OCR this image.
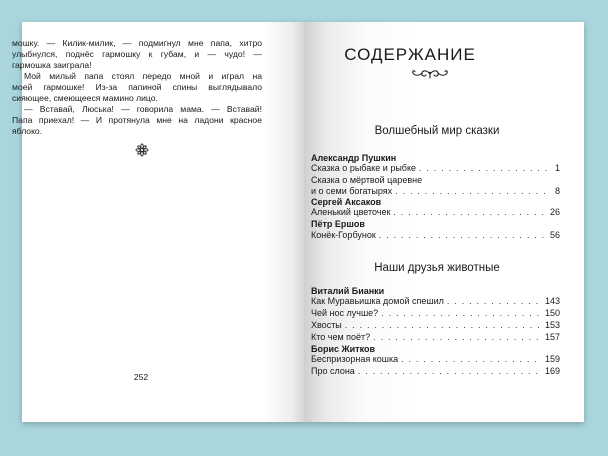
мошку. — Килик-милик, — подмигнул мне папа, хитро
улыбнулся, поднёс гармошку к губам, и — чудо! —
гармошка заиграла!

Мой милый папа стоял передо мной и играл на
моей гармошке! Из-за папиной спины выглядывало
сияющее, смеющееся мамино лицо.

— Вставай, Люська! — говорила мама. — Вставай!
Папа приехал! — И протянула мне на ладони красное
яблоко.

252
СОДЕРЖАНИЕ
Волшебный мир сказки
Александр Пушкин
Сказка о рыбаке и рыбке . . .	1
Сказка о мёртвой царевне
и о семи богатырях . . .	8
Сергей Аксаков
Аленький цветочек . . .	26
Пётр Ершов
Конёк-Горбунок . . .	56
Наши друзья животные
Виталий Бианки
Как Муравьишка домой спешил . . .	143
Чей нос лучше? . . .	150
Хвосты . . .	153
Кто чем поёт? . . .	157
Борис Житков
Беспризорная кошка . . .	159
Про слона . . .	169
